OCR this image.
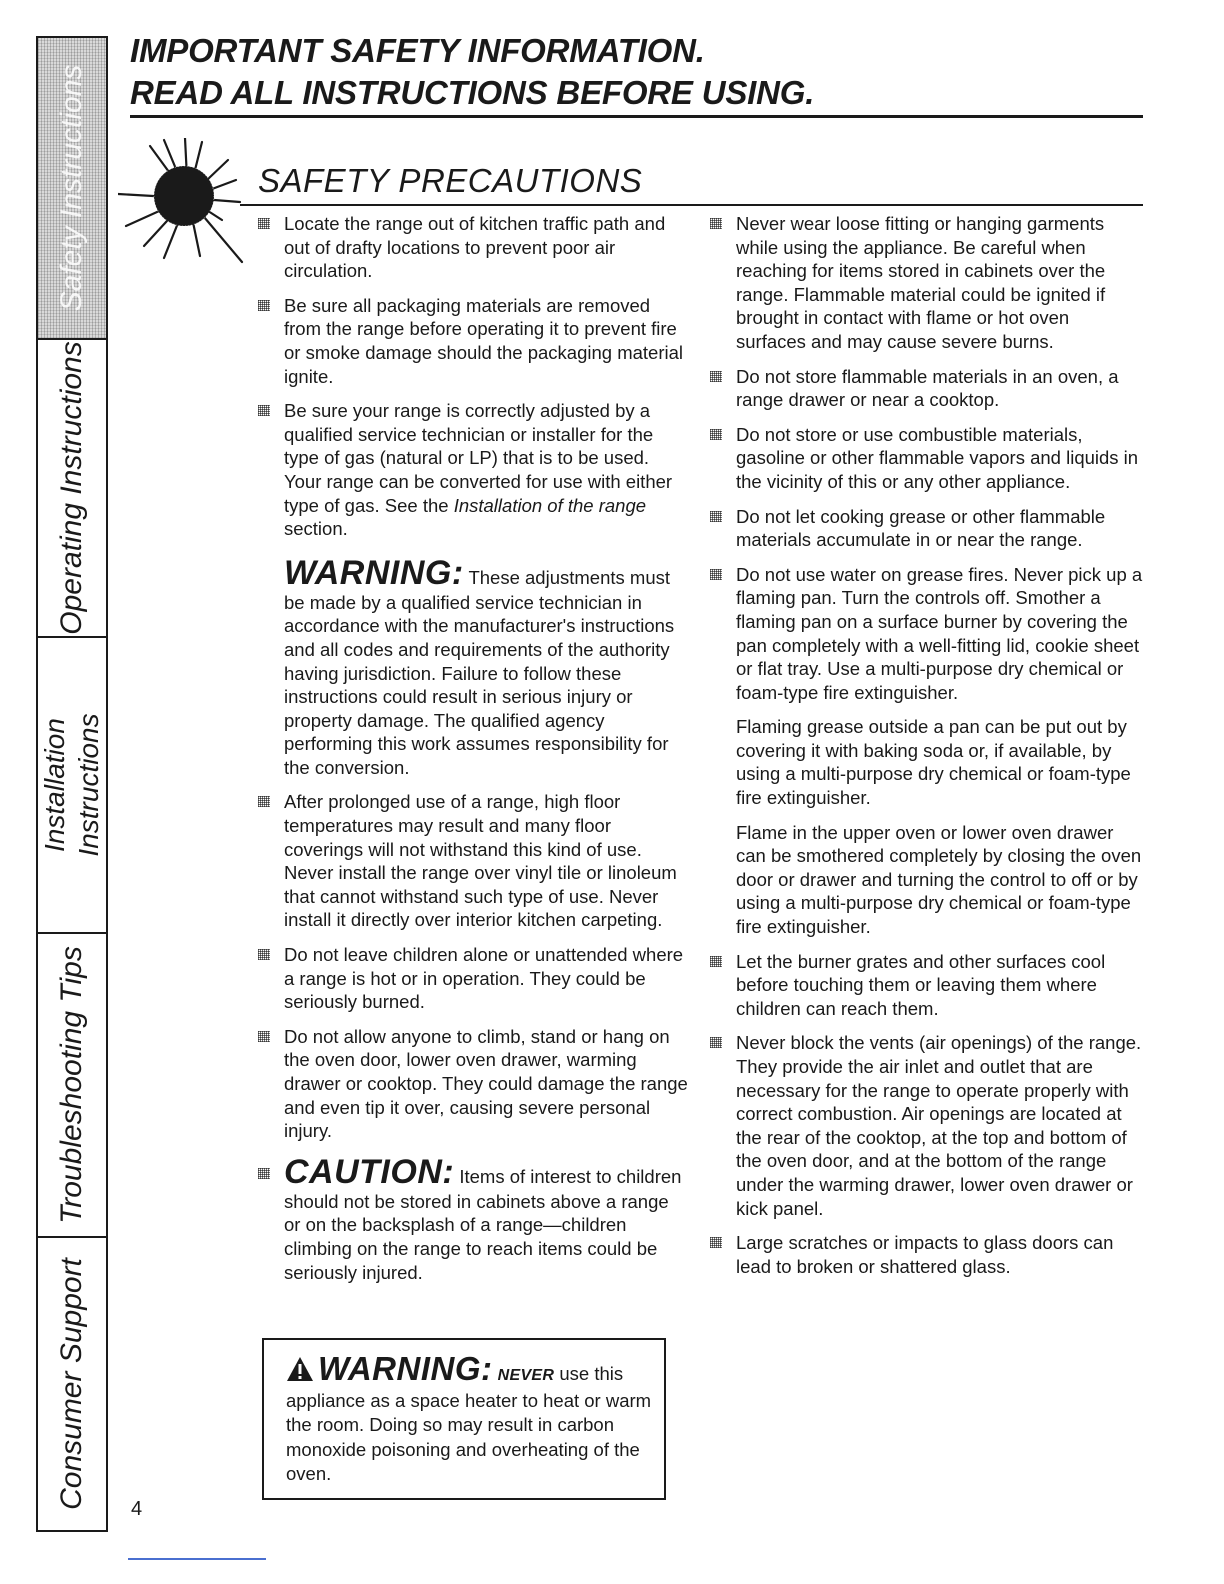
Safety Instructions
Operating Instructions
Installation Instructions
Troubleshooting Tips
Consumer Support
IMPORTANT SAFETY INFORMATION.
READ ALL INSTRUCTIONS BEFORE USING.
SAFETY PRECAUTIONS
Locate the range out of kitchen traffic path and out of drafty locations to prevent poor air circulation.
Be sure all packaging materials are removed from the range before operating it to prevent fire or smoke damage should the packaging material ignite.
Be sure your range is correctly adjusted by a qualified service technician or installer for the type of gas (natural or LP) that is to be used. Your range can be converted for use with either type of gas. See the Installation of the range section.
WARNING: These adjustments must
be made by a qualified service technician in accordance with the manufacturer's instructions and all codes and requirements of the authority having jurisdiction. Failure to follow these instructions could result in serious injury or property damage. The qualified agency performing this work assumes responsibility for the conversion.
After prolonged use of a range, high floor temperatures may result and many floor coverings will not withstand this kind of use. Never install the range over vinyl tile or linoleum that cannot withstand such type of use. Never install it directly over interior kitchen carpeting.
Do not leave children alone or unattended where a range is hot or in operation. They could be seriously burned.
Do not allow anyone to climb, stand or hang on the oven door, lower oven drawer, warming drawer or cooktop. They could damage the range and even tip it over, causing severe personal injury.
CAUTION: Items of interest to children
should not be stored in cabinets above a range or on the backsplash of a range—children climbing on the range to reach items could be seriously injured.
WARNING: NEVER use this appliance as a space heater to heat or warm the room. Doing so may result in carbon monoxide poisoning and overheating of the oven.
Never wear loose fitting or hanging garments while using the appliance. Be careful when reaching for items stored in cabinets over the range. Flammable material could be ignited if brought in contact with flame or hot oven surfaces and may cause severe burns.
Do not store flammable materials in an oven, a range drawer or near a cooktop.
Do not store or use combustible materials, gasoline or other flammable vapors and liquids in the vicinity of this or any other appliance.
Do not let cooking grease or other flammable materials accumulate in or near the range.
Do not use water on grease fires. Never pick up a flaming pan. Turn the controls off. Smother a flaming pan on a surface burner by covering the pan completely with a well-fitting lid, cookie sheet or flat tray. Use a multi-purpose dry chemical or foam-type fire extinguisher.
Flaming grease outside a pan can be put out by covering it with baking soda or, if available, by using a multi-purpose dry chemical or foam-type fire extinguisher.
Flame in the upper oven or lower oven drawer can be smothered completely by closing the oven door or drawer and turning the control to off or by using a multi-purpose dry chemical or foam-type fire extinguisher.
Let the burner grates and other surfaces cool before touching them or leaving them where children can reach them.
Never block the vents (air openings) of the range. They provide the air inlet and outlet that are necessary for the range to operate properly with correct combustion. Air openings are located at the rear of the cooktop, at the top and bottom of the oven door, and at the bottom of the range under the warming drawer, lower oven drawer or kick panel.
Large scratches or impacts to glass doors can lead to broken or shattered glass.
4
